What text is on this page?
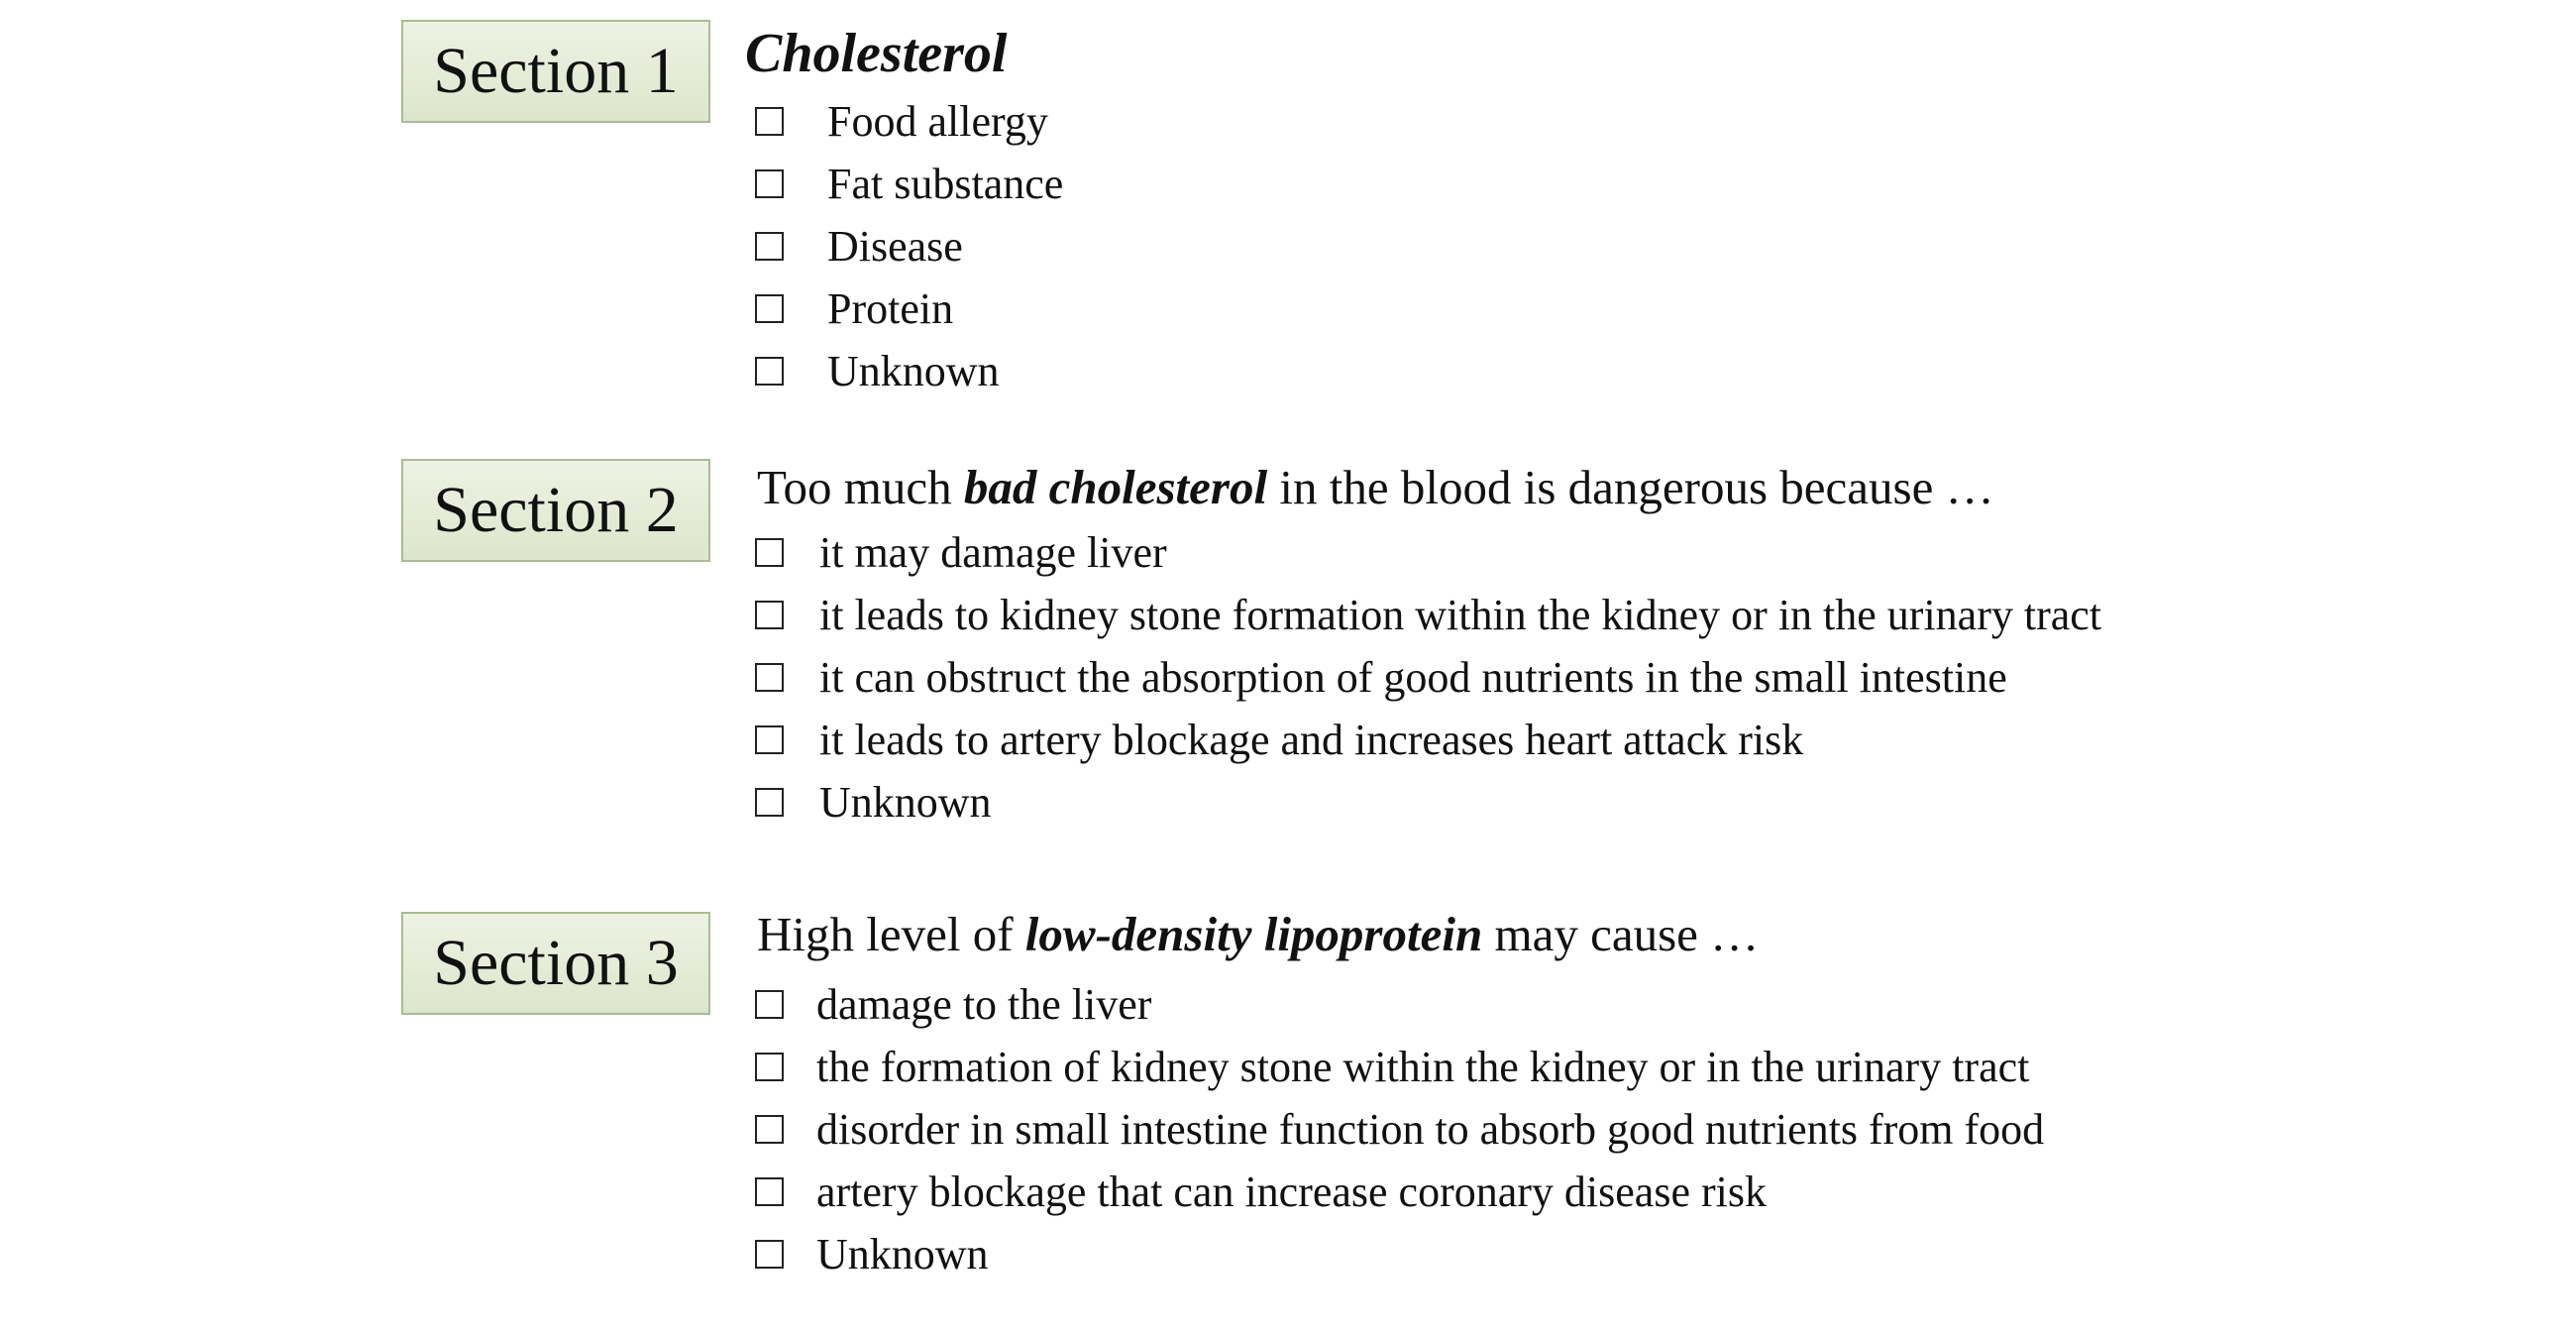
Section 1	Cholesterol
Food allergy
Fat substance
Disease
Protein
Unknown
Section 2	Too much bad cholesterol in the blood is dangerous because …
it may damage liver
it leads to kidney stone formation within the kidney or in the urinary tract
it can obstruct the absorption of good nutrients in the small intestine
it leads to artery blockage and increases heart attack risk
Unknown
Section 3	High level of low-density lipoprotein may cause …
damage to the liver
the formation of kidney stone within the kidney or in the urinary tract
disorder in small intestine function to absorb good nutrients from food
artery blockage that can increase coronary disease risk
Unknown
